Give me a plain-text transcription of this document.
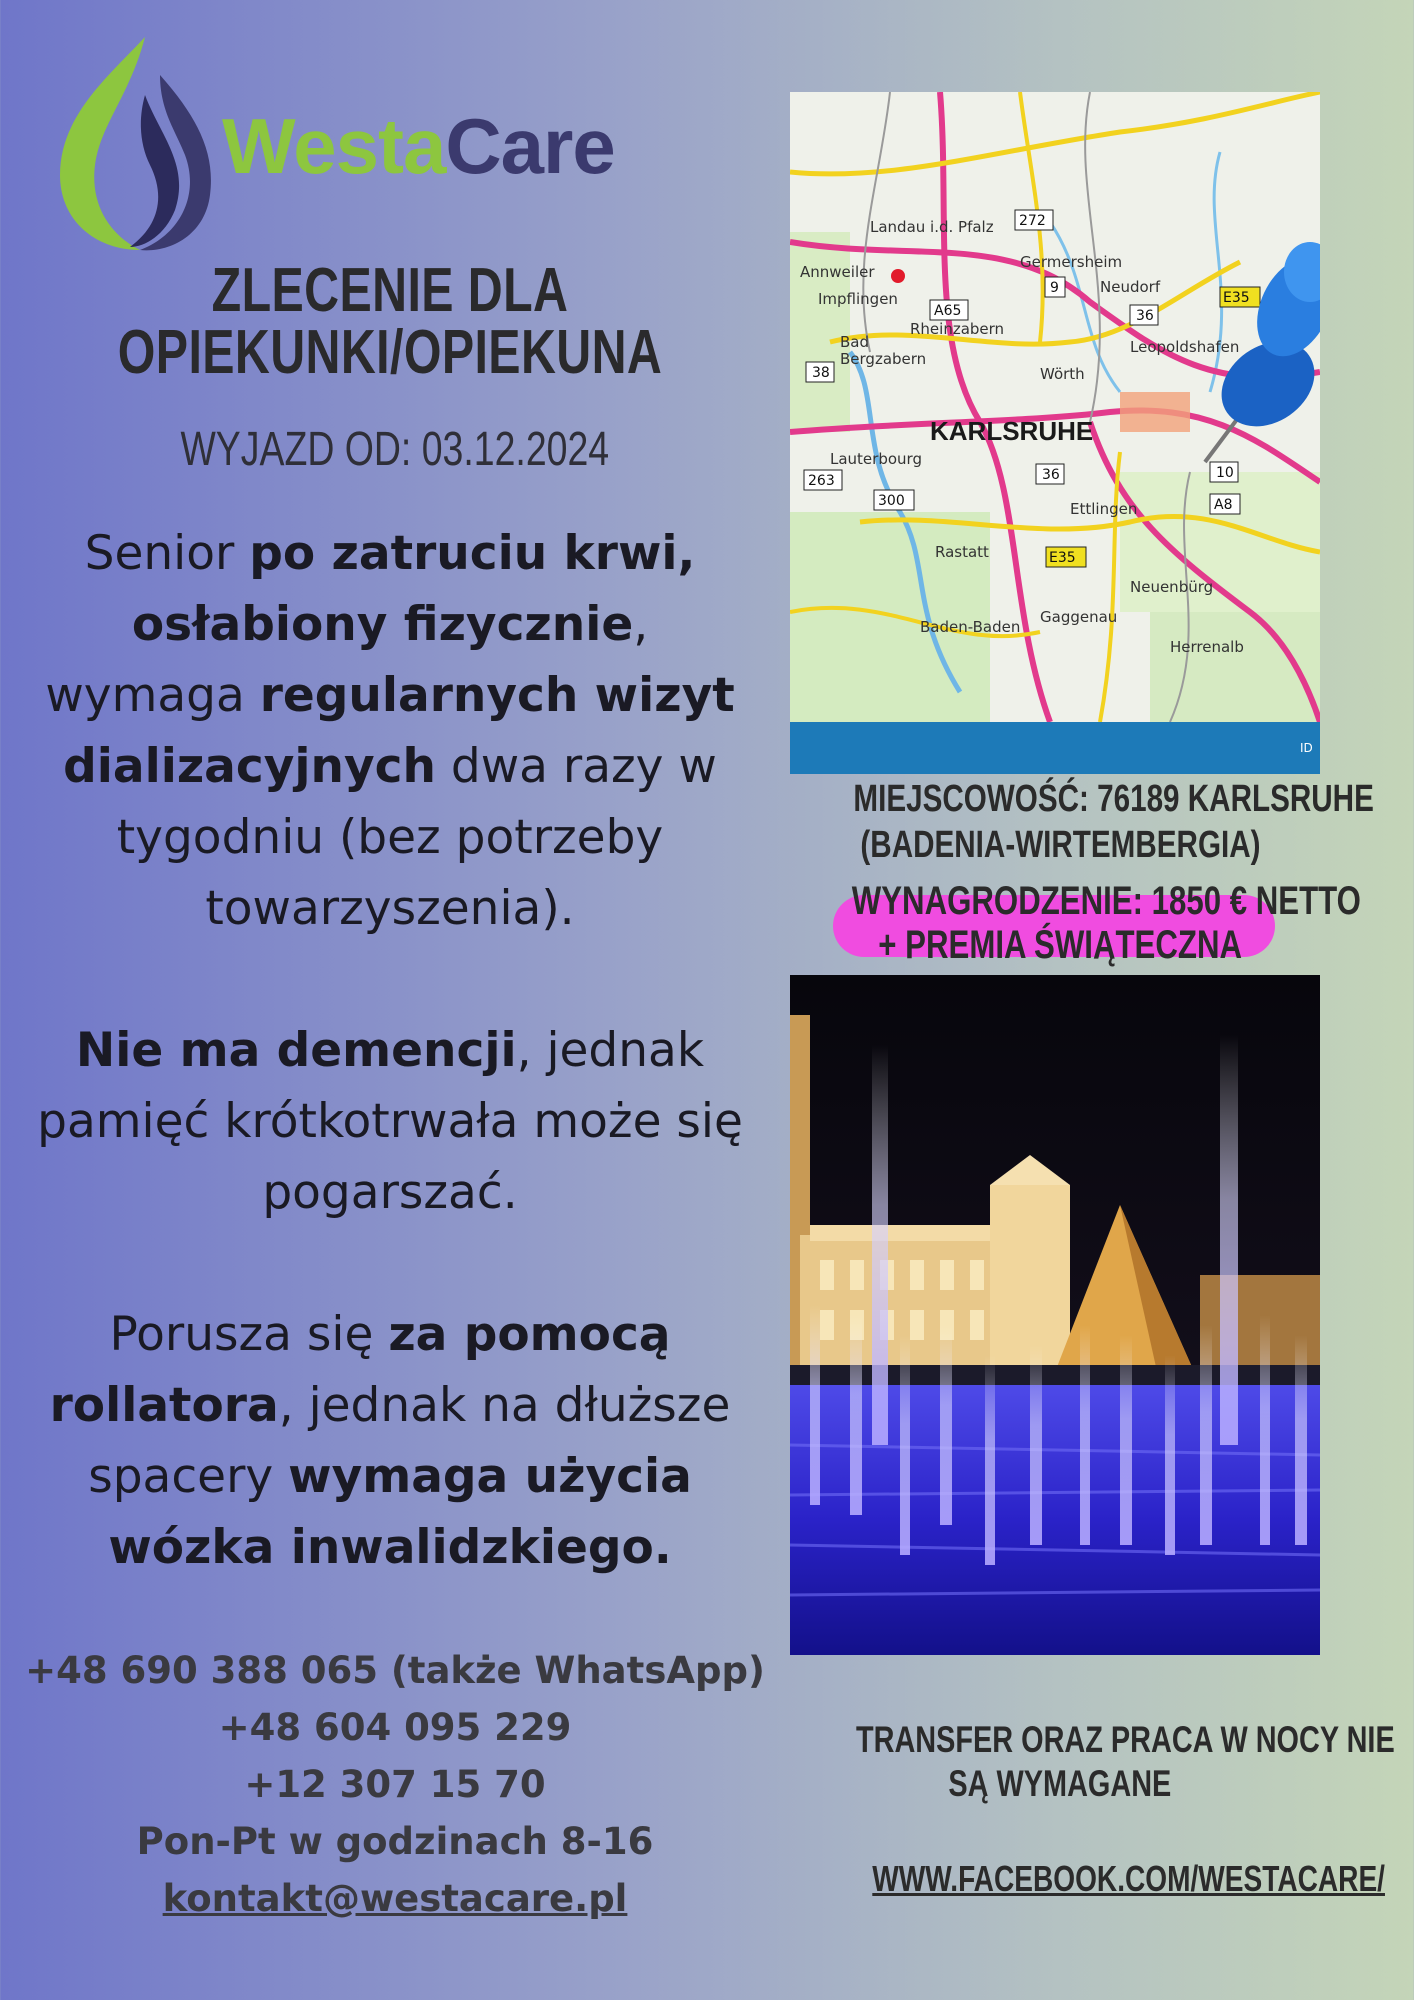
WestaCare
ZLECENIE DLA
OPIEKUNKI/OPIEKUNA
WYJAZD OD: 03.12.2024

Senior po zatruciu krwi, osłabiony fizycznie, wymaga regularnych wizyt dializacyjnych dwa razy w tygodniu (bez potrzeby towarzyszenia).

Nie ma demencji, jednak pamięć krótkotrwała może się pogarszać.

Porusza się za pomocą rollatora, jednak na dłuższe spacery wymaga użycia wózka inwalidzkiego.

+48 690 388 065 (także WhatsApp)
+48 604 095 229
+12 307 15 70
Pon-Pt w godzinach 8-16
kontakt@westacare.pl
Landau i.d. Pfalz
Germersheim
Neudorf
Annweiler
Impflingen
Rheinzabern
Bad
Bergzabern
Wörth
Leopoldshafen
Lauterbourg
Ettlingen
Rastatt
Neuenbürg
Gaggenau
Baden-Baden
Herrenalb
KARLSRUHE
A65
E35
36
38
263
300
36	10
A8
E35
9
272
ID
MIEJSCOWOŚĆ: 76189 KARLSRUHE
(BADENIA-WIRTEMBERGIA)
WYNAGRODZENIE: 1850 € NETTO
+ PREMIA ŚWIĄTECZNA
TRANSFER ORAZ PRACA W NOCY NIE
SĄ WYMAGANE
WWW.FACEBOOK.COM/WESTACARE/
